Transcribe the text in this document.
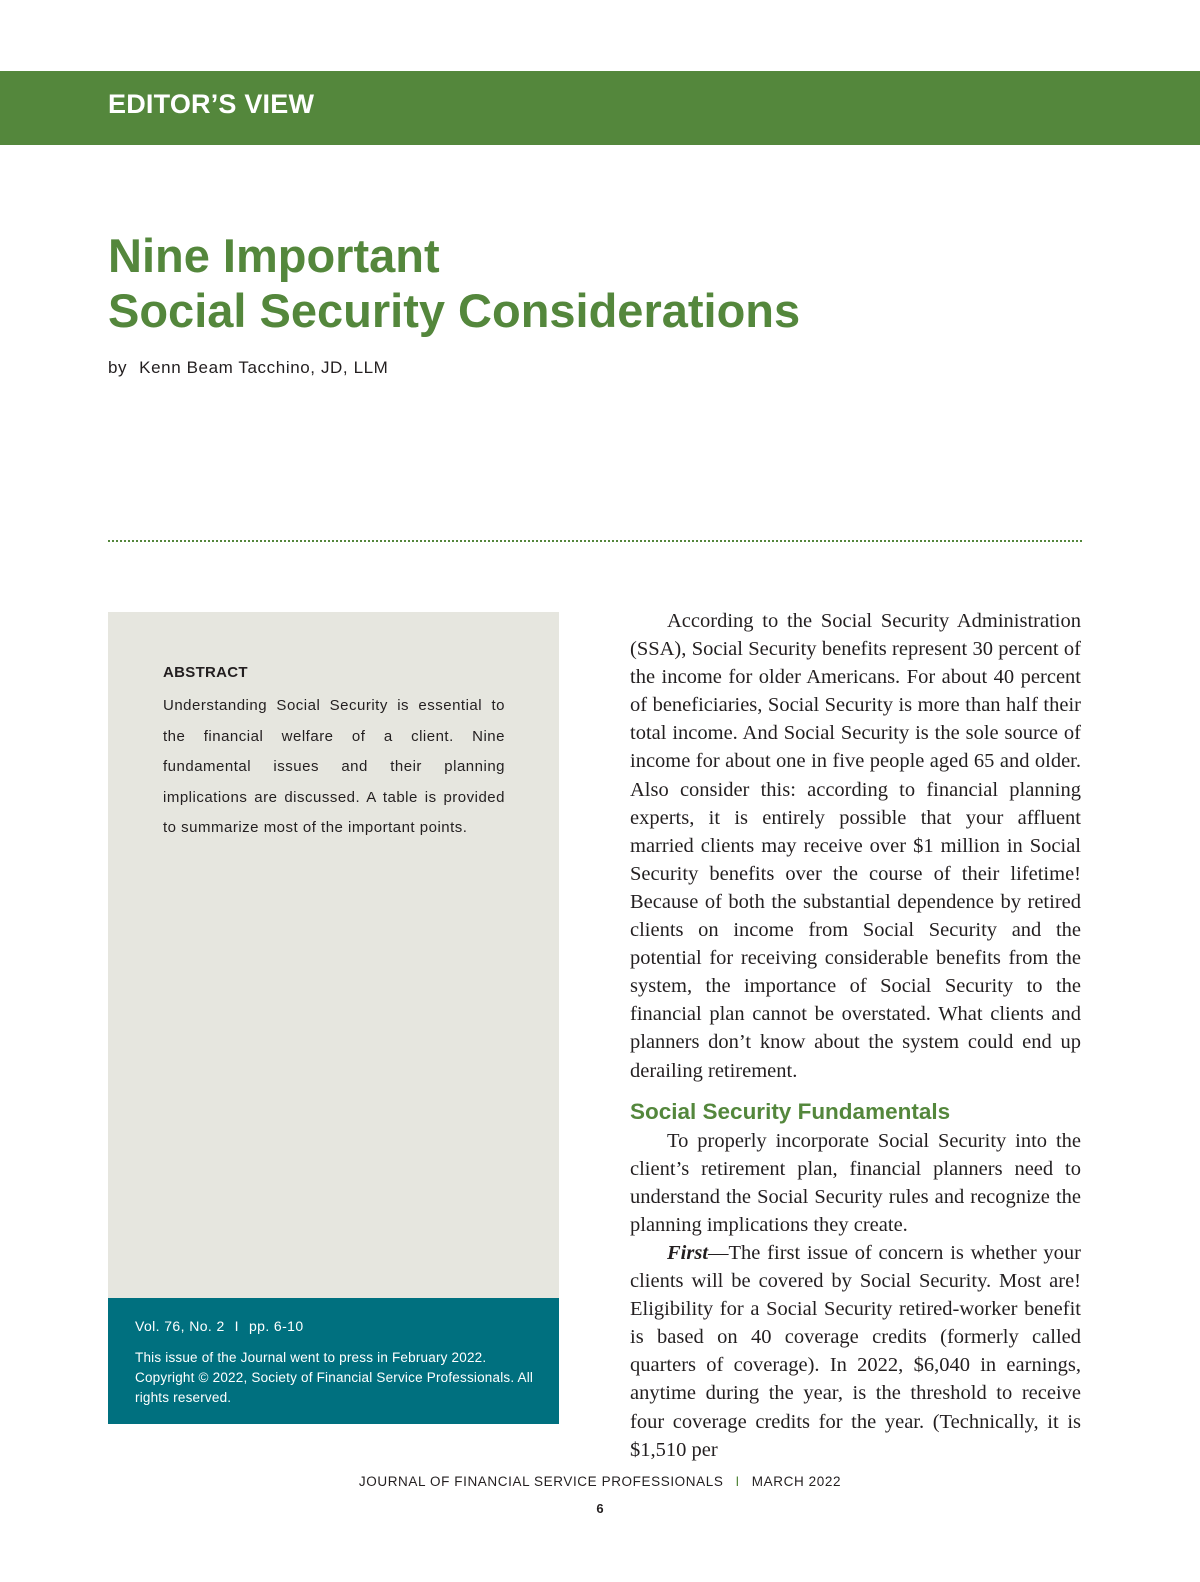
EDITOR’S VIEW
Nine Important
Social Security Considerations
by Kenn Beam Tacchino, JD, LLM
ABSTRACT
Understanding Social Security is essential to the financial welfare of a client. Nine fundamental issues and their planning implications are discussed. A table is provided to summarize most of the important points.
Vol. 76, No. 2 I pp. 6-10
This issue of the Journal went to press in February 2022. Copyright © 2022, Society of Financial Service Professionals. All rights reserved.

According to the Social Security Administration (SSA), Social Security benefits represent 30 percent of the income for older Americans. For about 40 percent of beneficiaries, Social Security is more than half their total income. And Social Security is the sole source of income for about one in five people aged 65 and older. Also consider this: according to financial planning experts, it is entirely possible that your affluent married clients may receive over $1 million in Social Security benefits over the course of their lifetime! Because of both the substantial dependence by retired clients on income from Social Security and the potential for receiving considerable benefits from the system, the importance of Social Security to the financial plan cannot be overstated. What clients and planners don’t know about the system could end up derailing retirement.

Social Security Fundamentals

To properly incorporate Social Security into the client’s retirement plan, financial planners need to understand the Social Security rules and recognize the planning implications they create.

First—The first issue of concern is whether your clients will be covered by Social Security. Most are! Eligibility for a Social Security retired-worker benefit is based on 40 coverage credits (formerly called quarters of coverage). In 2022, $6,040 in earnings, anytime during the year, is the threshold to receive four coverage credits for the year. (Technically, it is $1,510 per

JOURNAL OF FINANCIAL SERVICE PROFESSIONALS I MARCH 2022
6
